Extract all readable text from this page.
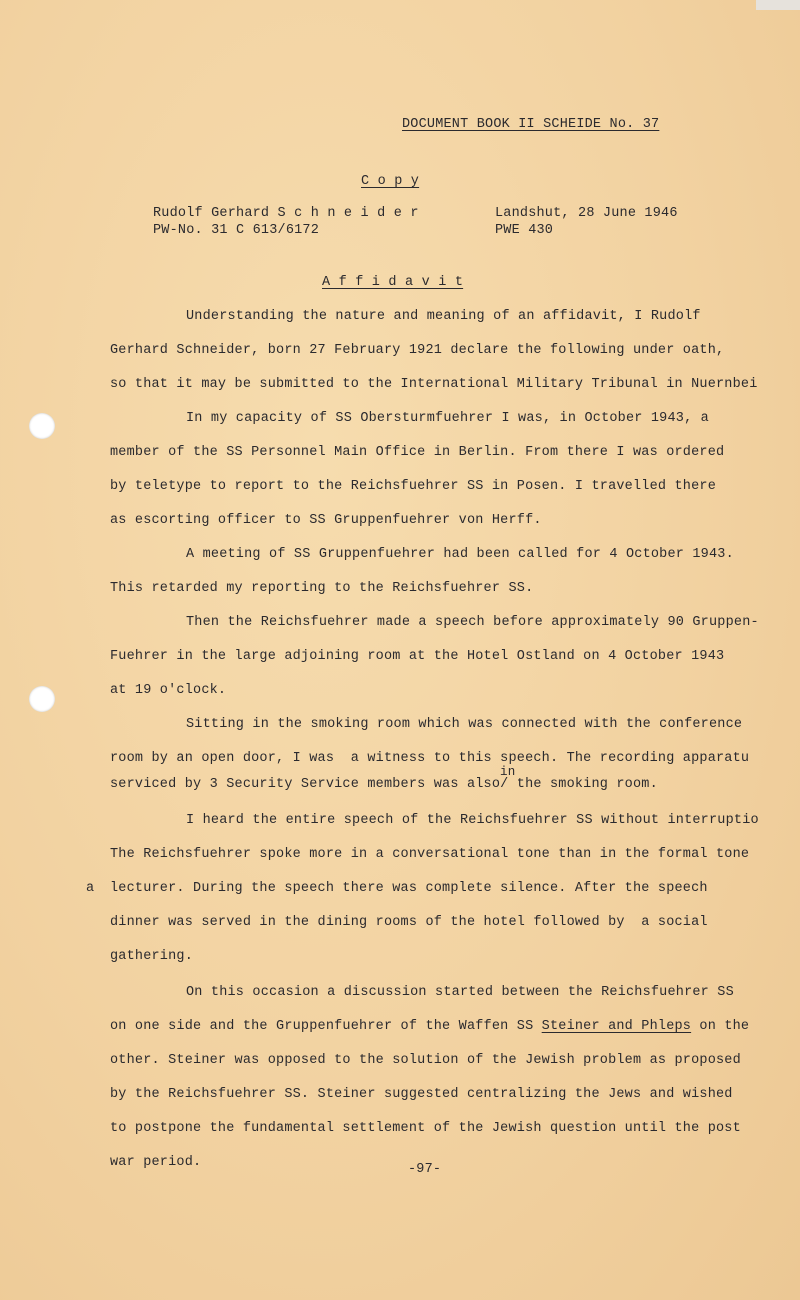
DOCUMENT BOOK II SCHEIDE No. 37
C o p y
Rudolf Gerhard S c h n e i d e r
PW-No. 31 C 613/6172
Landshut, 28 June 1946
PWE 430
A f f i d a v i t
Understanding the nature and meaning of an affidavit, I Rudolf
Gerhard Schneider, born 27 February 1921 declare the following under oath,
so that it may be submitted to the International Military Tribunal in Nuernbei
In my capacity of SS Obersturmfuehrer I was, in October 1943, a
member of the SS Personnel Main Office in Berlin. From there I was ordered
by teletype to report to the Reichsfuehrer SS in Posen. I travelled there
as escorting officer to SS Gruppenfuehrer von Herff.
A meeting of SS Gruppenfuehrer had been called for 4 October 1943.
This retarded my reporting to the Reichsfuehrer SS.
Then the Reichsfuehrer made a speech before approximately 90 Gruppen-
Fuehrer in the large adjoining room at the Hotel Ostland on 4 October 1943
at 19 o'clock.
Sitting in the smoking room which was connected with the conference
room by an open door, I was  a witness to this speech. The recording apparatu
in
serviced by 3 Security Service members was also/ the smoking room.
I heard the entire speech of the Reichsfuehrer SS without interruptio
The Reichsfuehrer spoke more in a conversational tone than in the formal tone
a lecturer. During the speech there was complete silence. After the speech
dinner was served in the dining rooms of the hotel followed by  a social
gathering.
On this occasion a discussion started between the Reichsfuehrer SS
on one side and the Gruppenfuehrer of the Waffen SS Steiner and Phleps on the
other. Steiner was opposed to the solution of the Jewish problem as proposed
by the Reichsfuehrer SS. Steiner suggested centralizing the Jews and wished
to postpone the fundamental settlement of the Jewish question until the post
war period.	-97-
